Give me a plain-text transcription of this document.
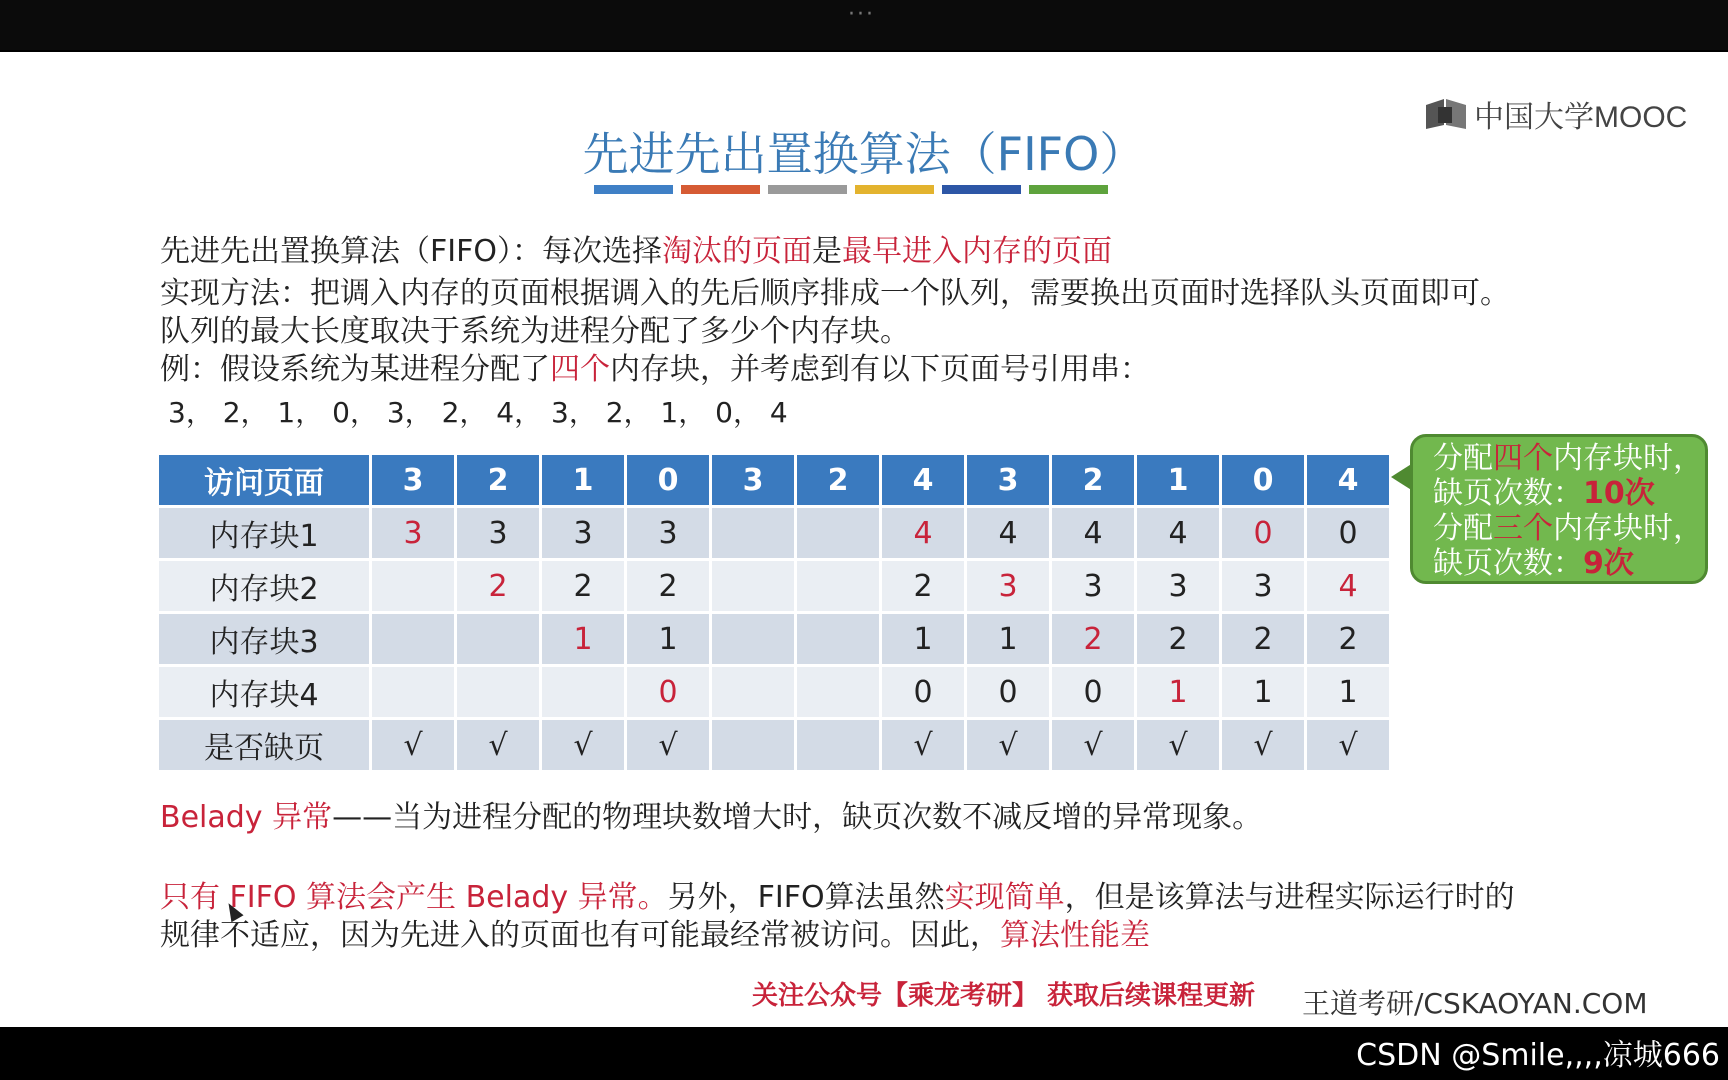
···
中国大学MOOC
先进先出置换算法（FIFO）
先进先出置换算法（FIFO）：每次选择淘汰的页面是最早进入内存的页面
实现方法：把调入内存的页面根据调入的先后顺序排成一个队列，需要换出页面时选择队头页面即可。
队列的最大长度取决于系统为进程分配了多少个内存块。
例：假设系统为某进程分配了四个内存块，并考虑到有以下页面号引用串：
3， 2， 1， 0， 3， 2， 4， 3， 2， 1， 0， 4
访问页面	3	2	1	0	3	2	4	3	2	1	0	4
内存块1	3	3	3	3			4	4	4	4	0	0
内存块2		2	2	2			2	3	3	3	3	4
内存块3			1	1			1	1	2	2	2	2
内存块4				0			0	0	0	1	1	1
是否缺页	√	√	√	√			√	√	√	√	√	√
分配四个内存块时，
缺页次数：10次
分配三个内存块时，
缺页次数：9次
Belady 异常——当为进程分配的物理块数增大时，缺页次数不减反增的异常现象。
只有 FIFO 算法会产生 Belady 异常。另外，FIFO算法虽然实现简单，但是该算法与进程实际运行时的
规律不适应，因为先进入的页面也有可能最经常被访问。因此，算法性能差
关注公众号【乘龙考研】 获取后续课程更新 王道考研/CSKAOYAN.COM
CSDN @Smile,,,,凉城666
